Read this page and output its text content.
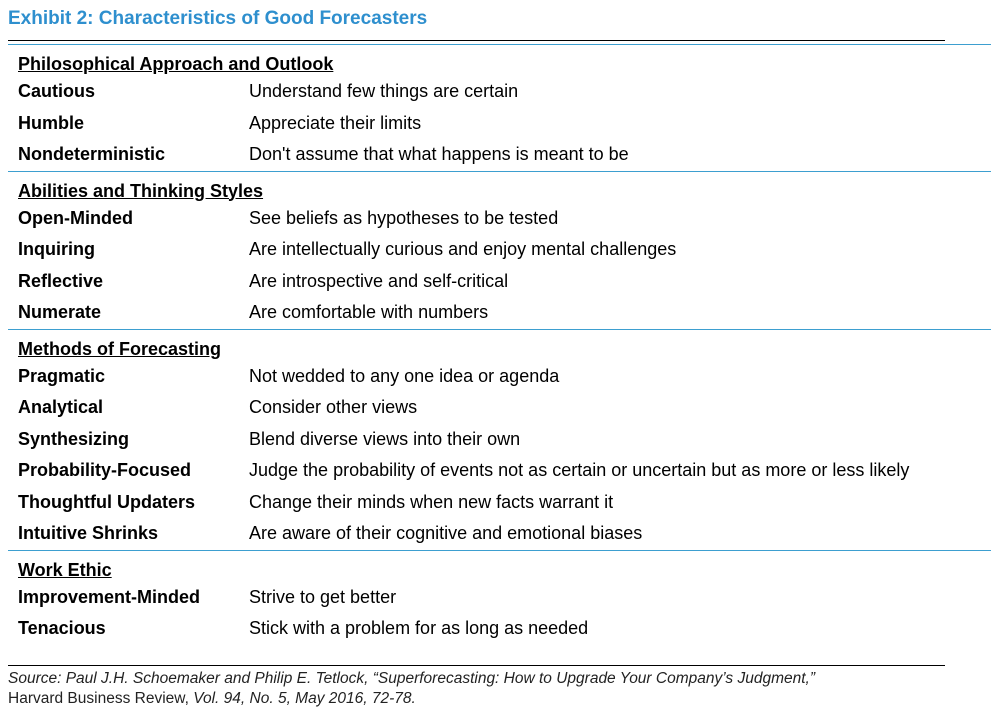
Exhibit 2: Characteristics of Good Forecasters
Philosophical Approach and Outlook
Cautious	Understand few things are certain
Humble	Appreciate their limits
Nondeterministic	Don't assume that what happens is meant to be
Abilities and Thinking Styles
Open-Minded	See beliefs as hypotheses to be tested
Inquiring	Are intellectually curious and enjoy mental challenges
Reflective	Are introspective and self-critical
Numerate	Are comfortable with numbers
Methods of Forecasting
Pragmatic	Not wedded to any one idea or agenda
Analytical	Consider other views
Synthesizing	Blend diverse views into their own
Probability-Focused	Judge the probability of events not as certain or uncertain but as more or less likely
Thoughtful Updaters	Change their minds when new facts warrant it
Intuitive Shrinks	Are aware of their cognitive and emotional biases
Work Ethic
Improvement-Minded	Strive to get better
Tenacious	Stick with a problem for as long as needed
Source: Paul J.H. Schoemaker and Philip E. Tetlock, “Superforecasting: How to Upgrade Your Company’s Judgment,”
Harvard Business Review, Vol. 94, No. 5, May 2016, 72-78.
